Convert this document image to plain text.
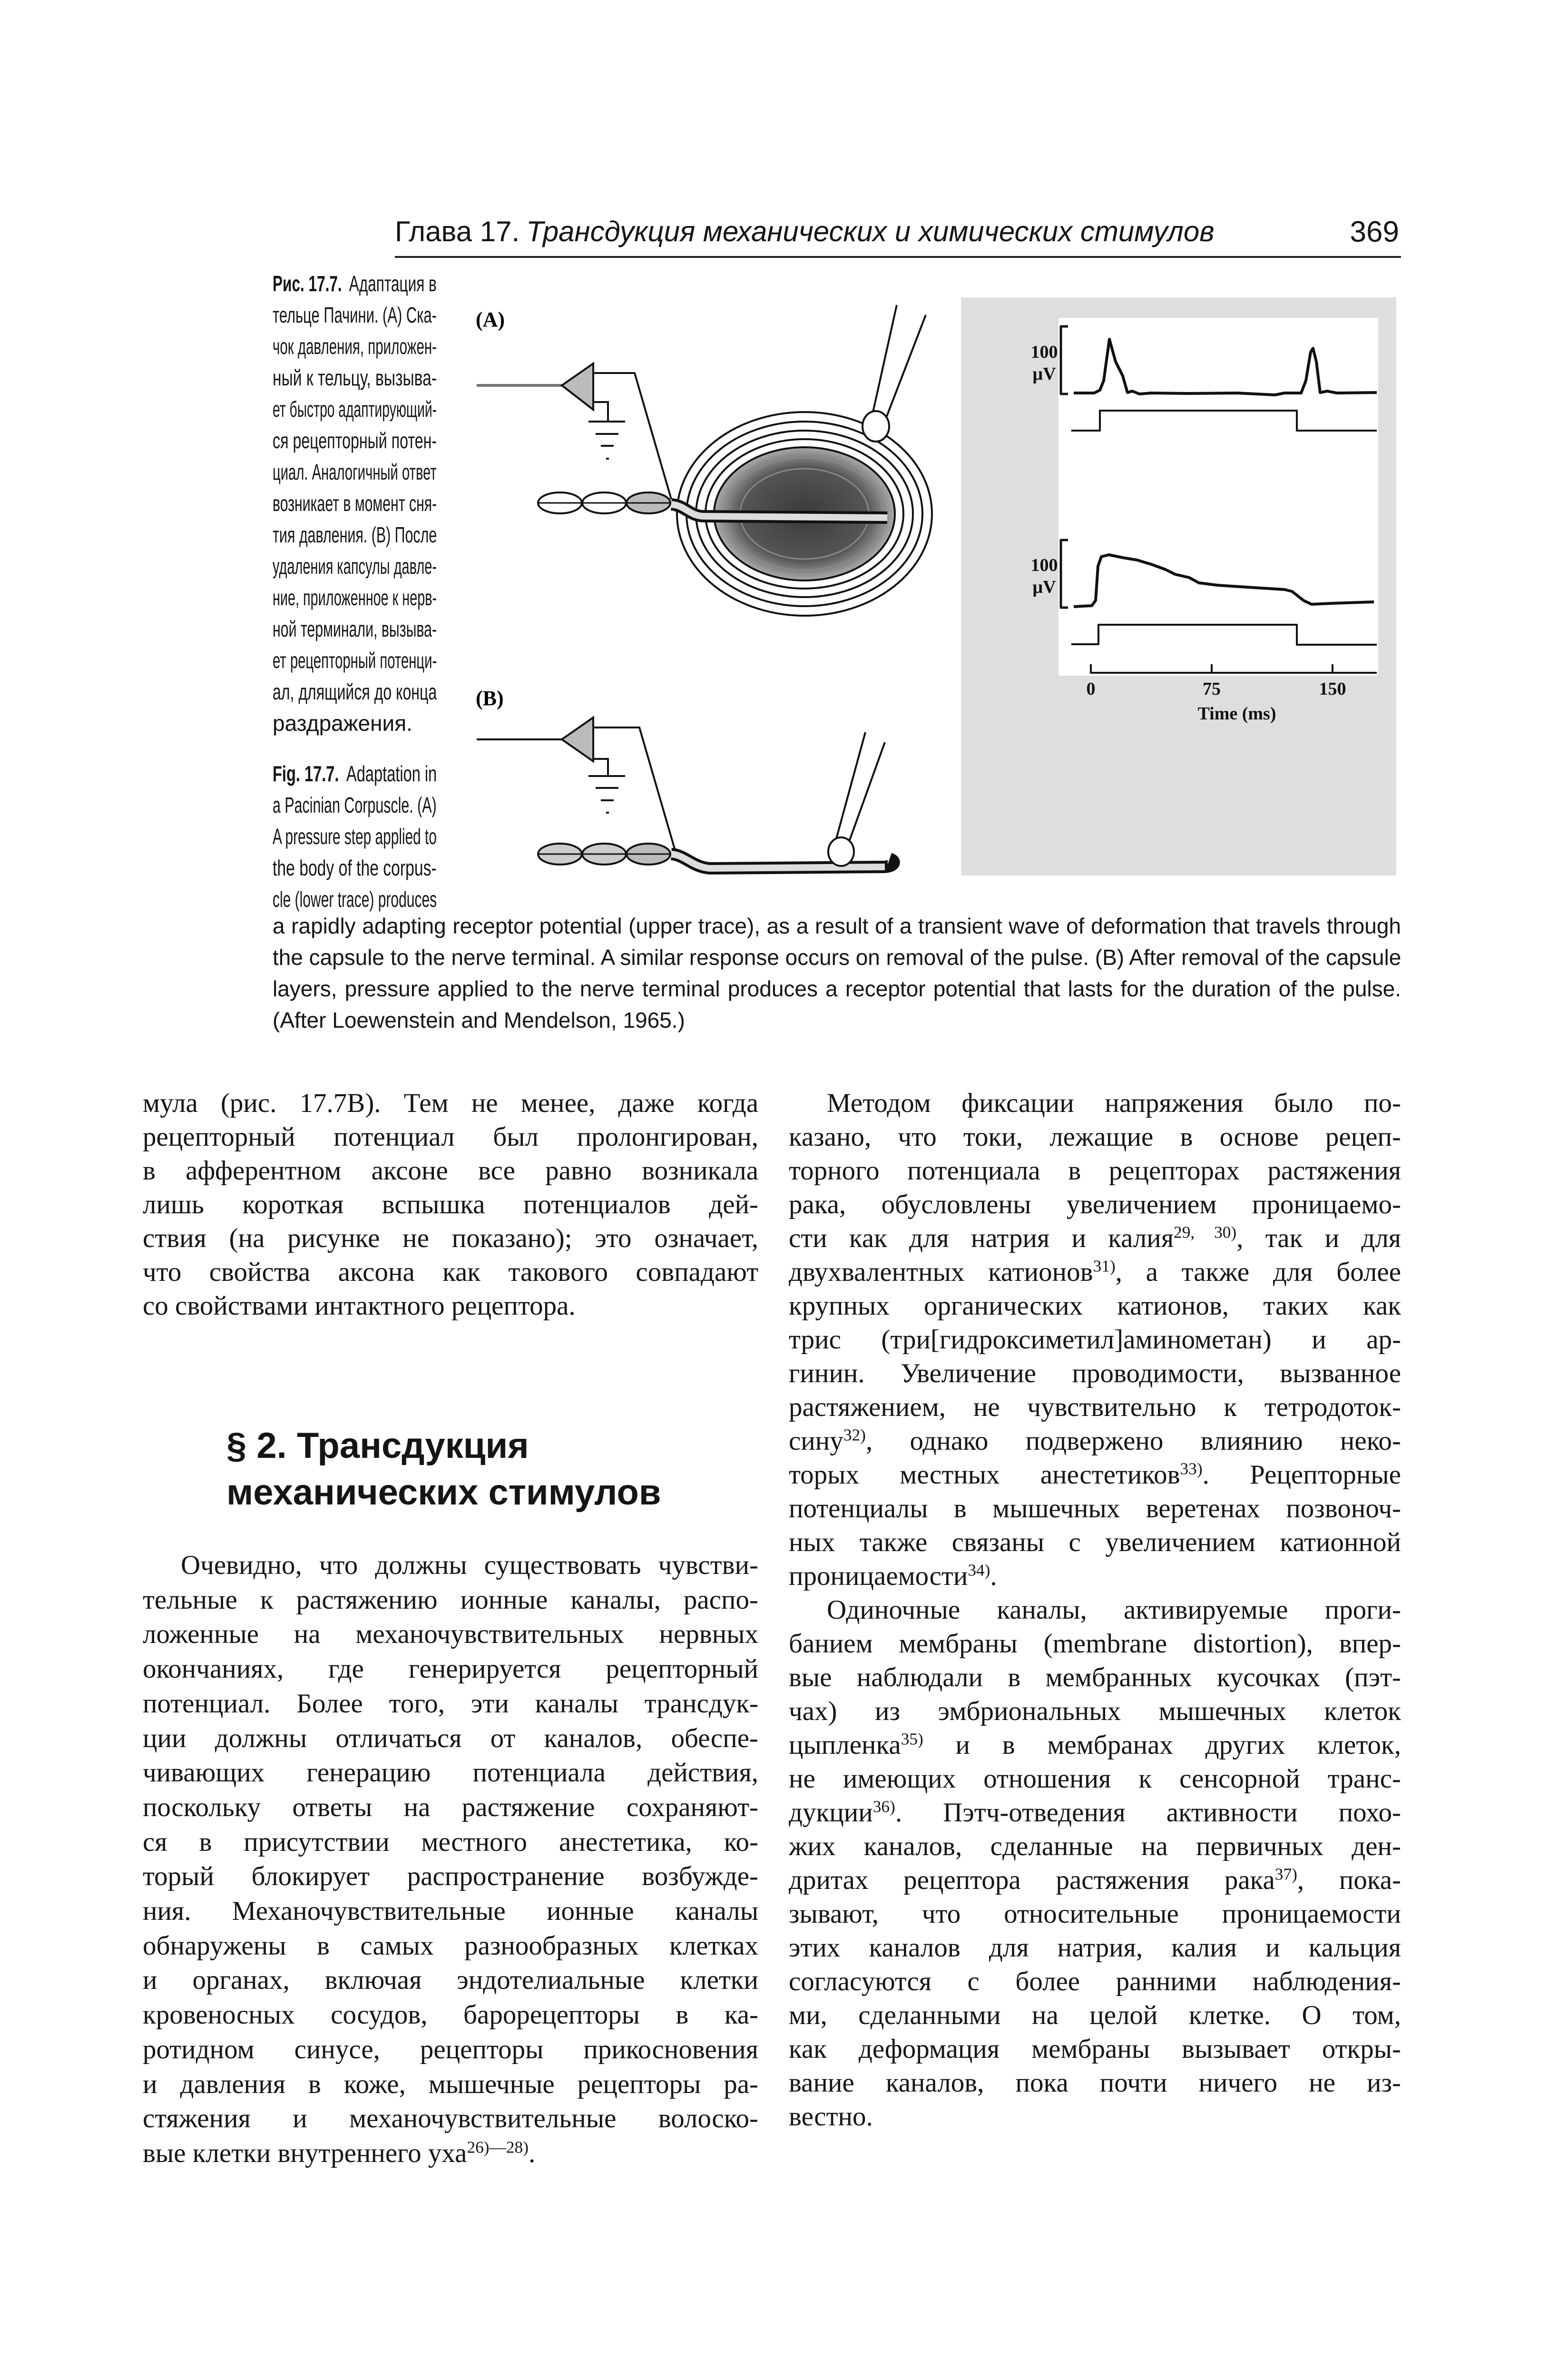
Глава 17. Трансдукция механических и химических стимулов	369
(A)
(B)
100
µV
100
µV
0	75	150
Time (ms)
Рис. 17.7. Адаптация в
тельце Пачини. (А) Ска-
чок давления, приложен-
ный к тельцу, вызыва-
ет быстро адаптирующий-
ся рецепторный потен-
циал. Аналогичный ответ
возникает в момент сня-
тия давления. (В) После
удаления капсулы давле-
ние, приложенное к нерв-
ной терминали, вызыва-
ет рецепторный потенци-
ал, длящийся до конца
раздражения.
Fig. 17.7. Adaptation in
a Pacinian Corpuscle. (A)
A pressure step applied to
the body of the corpus-
cle (lower trace) produces
a rapidly adapting receptor potential (upper trace), as a result of a transient wave of deformation that travels through
the capsule to the nerve terminal. A similar response occurs on removal of the pulse. (B) After removal of the capsule
layers, pressure applied to the nerve terminal produces a receptor potential that lasts for the duration of the pulse.
(After Loewenstein and Mendelson, 1965.)
мула (рис. 17.7В). Тем не менее, даже когда
рецепторный потенциал был пролонгирован,
в афферентном аксоне все равно возникала
лишь короткая вспышка потенциалов дей-
ствия (на рисунке не показано); это означает,
что свойства аксона как такового совпадают
со свойствами интактного рецептора.
§ 2. Трансдукция
механических стимулов
Очевидно, что должны существовать чувстви-
тельные к растяжению ионные каналы, распо-
ложенные на механочувствительных нервных
окончаниях, где генерируется рецепторный
потенциал. Более того, эти каналы трансдук-
ции должны отличаться от каналов, обеспе-
чивающих генерацию потенциала действия,
поскольку ответы на растяжение сохраняют-
ся в присутствии местного анестетика, ко-
торый блокирует распространение возбужде-
ния. Механочувствительные ионные каналы
обнаружены в самых разнообразных клетках
и органах, включая эндотелиальные клетки
кровеносных сосудов, барорецепторы в ка-
ротидном синусе, рецепторы прикосновения
и давления в коже, мышечные рецепторы ра-
стяжения и механочувствительные волоско-
вые клетки внутреннего уха$^{26)—28)}$.
Методом фиксации напряжения было по-
казано, что токи, лежащие в основе рецеп-
торного потенциала в рецепторах растяжения
рака, обусловлены увеличением проницаемо-
сти как для натрия и калия$^{29, 30)}$, так и для
двухвалентных катионов$^{31)}$, а также для более
крупных органических катионов, таких как
трис (три[гидроксиметил]аминометан) и ар-
гинин. Увеличение проводимости, вызванное
растяжением, не чувствительно к тетродоток-
сину$^{32)}$, однако подвержено влиянию неко-
торых местных анестетиков$^{33)}$. Рецепторные
потенциалы в мышечных веретенах позвоноч-
ных также связаны с увеличением катионной
проницаемости$^{34)}$.
Одиночные каналы, активируемые проги-
банием мембраны (membrane distortion), впер-
вые наблюдали в мембранных кусочках (пэт-
чах) из эмбриональных мышечных клеток
цыпленка$^{35)}$ и в мембранах других клеток,
не имеющих отношения к сенсорной транс-
дукции$^{36)}$. Пэтч-отведения активности похо-
жих каналов, сделанные на первичных ден-
дритах рецептора растяжения рака$^{37)}$, пока-
зывают, что относительные проницаемости
этих каналов для натрия, калия и кальция
согласуются с более ранними наблюдения-
ми, сделанными на целой клетке. О том,
как деформация мембраны вызывает откры-
вание каналов, пока почти ничего не из-
вестно.
